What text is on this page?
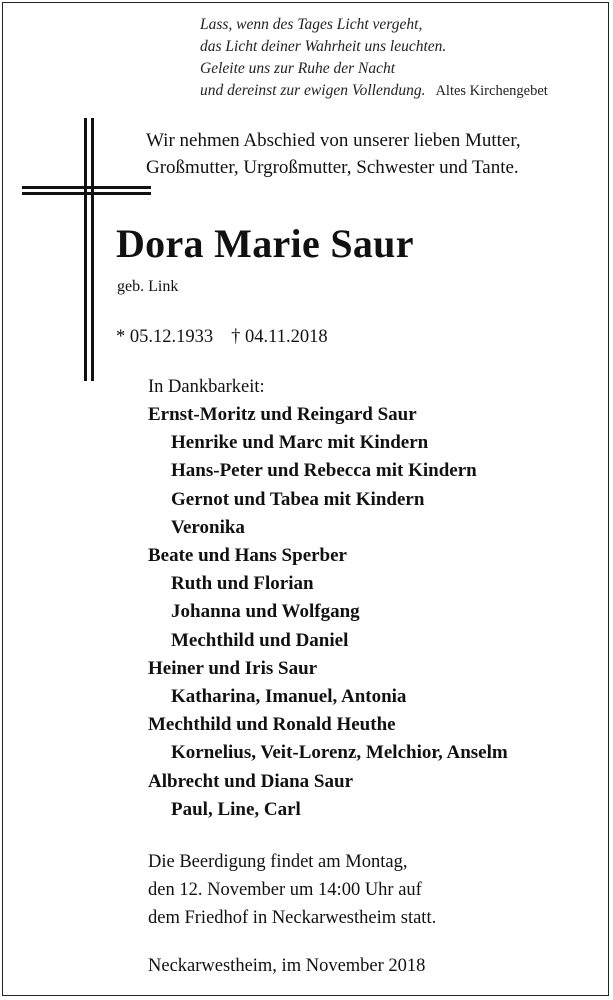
Lass, wenn des Tages Licht vergeht,
das Licht deiner Wahrheit uns leuchten.
Geleite uns zur Ruhe der Nacht
und dereinst zur ewigen Vollendung. Altes Kirchengebet
Wir nehmen Abschied von unserer lieben Mutter,
Großmutter, Urgroßmutter, Schwester und Tante.
Dora Marie Saur
geb. Link
* 05.12.1933 † 04.11.2018
In Dankbarkeit:
Ernst-Moritz und Reingard Saur
Henrike und Marc mit Kindern
Hans-Peter und Rebecca mit Kindern
Gernot und Tabea mit Kindern
Veronika
Beate und Hans Sperber
Ruth und Florian
Johanna und Wolfgang
Mechthild und Daniel
Heiner und Iris Saur
Katharina, Imanuel, Antonia
Mechthild und Ronald Heuthe
Kornelius, Veit-Lorenz, Melchior, Anselm
Albrecht und Diana Saur
Paul, Line, Carl
Die Beerdigung findet am Montag,
den 12. November um 14:00 Uhr auf
dem Friedhof in Neckarwestheim statt.
Neckarwestheim, im November 2018
